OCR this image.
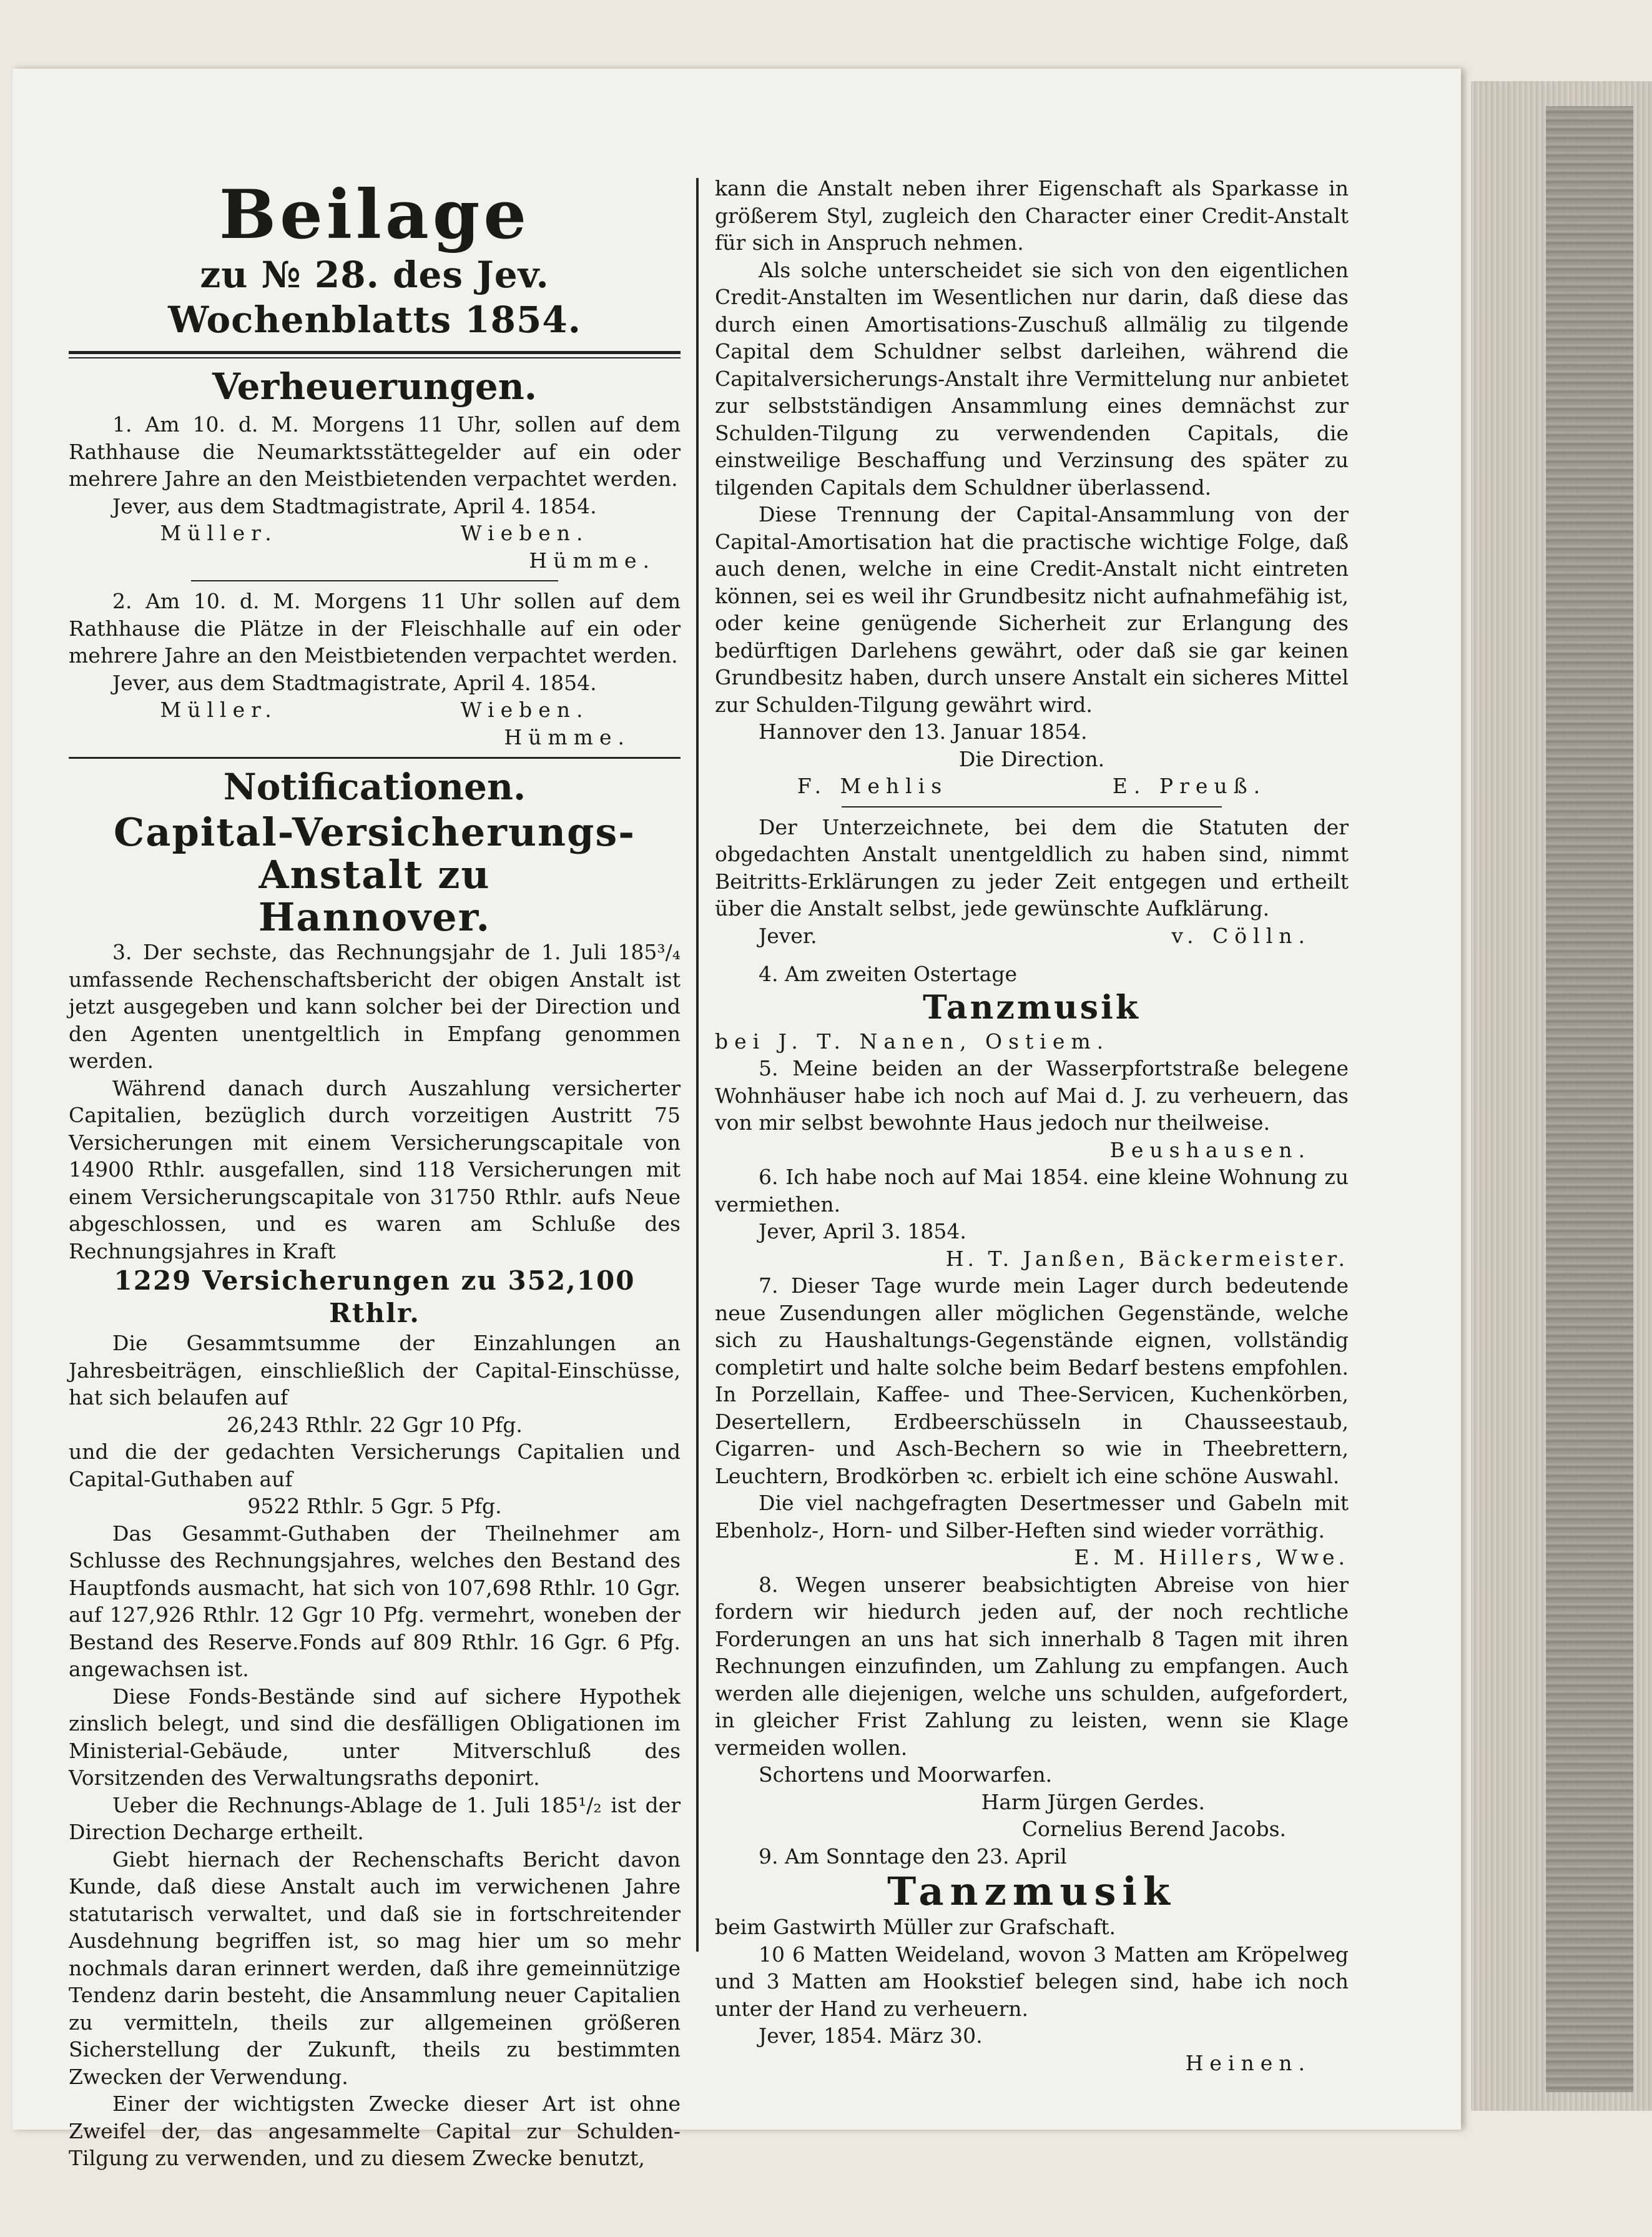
Beilage
zu № 28. des Jev. Wochenblatts 1854.
Verheuerungen.

1. Am 10. d. M. Morgens 11 Uhr, sollen auf dem Rathhause die Neumarktsstättegelder auf ein oder mehrere Jahre an den Meistbietenden verpachtet werden.

Jever, aus dem Stadtmagistrate, April 4. 1854.

Müller.	Wieben.

Hümme.

2. Am 10. d. M. Morgens 11 Uhr sollen auf dem Rathhause die Plätze in der Fleischhalle auf ein oder mehrere Jahre an den Meistbietenden verpachtet werden.

Jever, aus dem Stadtmagistrate, April 4. 1854.

Müller.	Wieben.

Hümme.

Notificationen.
Capital-Versicherungs-Anstalt zu
Hannover.

3. Der sechste, das Rechnungsjahr de 1. Juli 185³/₄ umfassende Rechenschaftsbericht der obigen Anstalt ist jetzt ausgegeben und kann solcher bei der Direction und den Agenten unentgeltlich in Empfang genommen werden.

Während danach durch Auszahlung versicherter Capitalien, bezüglich durch vorzeitigen Austritt 75 Versicherungen mit einem Versicherungscapitale von 14900 Rthlr. ausgefallen, sind 118 Versicherungen mit einem Versicherungscapitale von 31750 Rthlr. aufs Neue abgeschlossen, und es waren am Schluße des Rechnungsjahres in Kraft

1229 Versicherungen zu 352,100 Rthlr.

Die Gesammtsumme der Einzahlungen an Jahresbeiträgen, einschließlich der Capital-Einschüsse, hat sich belaufen auf

26,243 Rthlr. 22 Ggr 10 Pfg.

und die der gedachten Versicherungs Capitalien und Capital-Guthaben auf

9522 Rthlr. 5 Ggr. 5 Pfg.

Das Gesammt-Guthaben der Theilnehmer am Schlusse des Rechnungsjahres, welches den Bestand des Hauptfonds ausmacht, hat sich von 107,698 Rthlr. 10 Ggr. auf 127,926 Rthlr. 12 Ggr 10 Pfg. vermehrt, woneben der Bestand des Reserve.Fonds auf 809 Rthlr. 16 Ggr. 6 Pfg. angewachsen ist.

Diese Fonds-Bestände sind auf sichere Hypothek zinslich belegt, und sind die desfälligen Obligationen im Ministerial-Gebäude, unter Mitverschluß des Vorsitzenden des Verwaltungsraths deponirt.

Ueber die Rechnungs-Ablage de 1. Juli 185¹/₂ ist der Direction Decharge ertheilt.

Giebt hiernach der Rechenschafts Bericht davon Kunde, daß diese Anstalt auch im verwichenen Jahre statutarisch verwaltet, und daß sie in fortschreitender Ausdehnung begriffen ist, so mag hier um so mehr nochmals daran erinnert werden, daß ihre gemeinnützige Tendenz darin besteht, die Ansammlung neuer Capitalien zu vermitteln, theils zur allgemeinen größeren Sicherstellung der Zukunft, theils zu bestimmten Zwecken der Verwendung.

Einer der wichtigsten Zwecke dieser Art ist ohne Zweifel der, das angesammelte Capital zur Schulden-Tilgung zu verwenden, und zu diesem Zwecke benutzt,

kann die Anstalt neben ihrer Eigenschaft als Sparkasse in größerem Styl, zugleich den Character einer Credit-Anstalt für sich in Anspruch nehmen.

Als solche unterscheidet sie sich von den eigentlichen Credit-Anstalten im Wesentlichen nur darin, daß diese das durch einen Amortisations-Zuschuß allmälig zu tilgende Capital dem Schuldner selbst darleihen, während die Capitalversicherungs-Anstalt ihre Vermittelung nur anbietet zur selbstständigen Ansammlung eines demnächst zur Schulden-Tilgung zu verwendenden Capitals, die einstweilige Beschaffung und Verzinsung des später zu tilgenden Capitals dem Schuldner überlassend.

Diese Trennung der Capital-Ansammlung von der Capital-Amortisation hat die practische wichtige Folge, daß auch denen, welche in eine Credit-Anstalt nicht eintreten können, sei es weil ihr Grundbesitz nicht aufnahmefähig ist, oder keine genügende Sicherheit zur Erlangung des bedürftigen Darlehens gewährt, oder daß sie gar keinen Grundbesitz haben, durch unsere Anstalt ein sicheres Mittel zur Schulden-Tilgung gewährt wird.

Hannover den 13. Januar 1854.

Die Direction.

F. Mehlis	E. Preuß.

Der Unterzeichnete, bei dem die Statuten der obgedachten Anstalt unentgeldlich zu haben sind, nimmt Beitritts-Erklärungen zu jeder Zeit entgegen und ertheilt über die Anstalt selbst, jede gewünschte Aufklärung.

Jever.	v. Cölln.

4. Am zweiten Ostertage

Tanzmusik

bei J. T. Nanen, Ostiem.

5. Meine beiden an der Wasserpfortstraße belegene Wohnhäuser habe ich noch auf Mai d. J. zu verheuern, das von mir selbst bewohnte Haus jedoch nur theilweise.

Beushausen.

6. Ich habe noch auf Mai 1854. eine kleine Wohnung zu vermiethen.

Jever, April 3. 1854.

H. T. Janßen, Bäckermeister.

7. Dieser Tage wurde mein Lager durch bedeutende neue Zusendungen aller möglichen Gegenstände, welche sich zu Haushaltungs-Gegenstände eignen, vollständig completirt und halte solche beim Bedarf bestens empfohlen. In Porzellain, Kaffee- und Thee-Servicen, Kuchenkörben, Desertellern, Erdbeerschüsseln in Chausseestaub, Cigarren- und Asch-Bechern so wie in Theebrettern, Leuchtern, Brodkörben ꝛc. erbielt ich eine schöne Auswahl.

Die viel nachgefragten Desertmesser und Gabeln mit Ebenholz-, Horn- und Silber-Heften sind wieder vorräthig.

E. M. Hillers, Wwe.

8. Wegen unserer beabsichtigten Abreise von hier fordern wir hiedurch jeden auf, der noch rechtliche Forderungen an uns hat sich innerhalb 8 Tagen mit ihren Rechnungen einzufinden, um Zahlung zu empfangen. Auch werden alle diejenigen, welche uns schulden, aufgefordert, in gleicher Frist Zahlung zu leisten, wenn sie Klage vermeiden wollen.

Schortens und Moorwarfen.

Harm Jürgen Gerdes.

Cornelius Berend Jacobs.

9. Am Sonntage den 23. April

Tanzmusik

beim Gastwirth Müller zur Grafschaft.

10 6 Matten Weideland, wovon 3 Matten am Kröpelweg und 3 Matten am Hookstief belegen sind, habe ich noch unter der Hand zu verheuern.

Jever, 1854. März 30.

Heinen.
